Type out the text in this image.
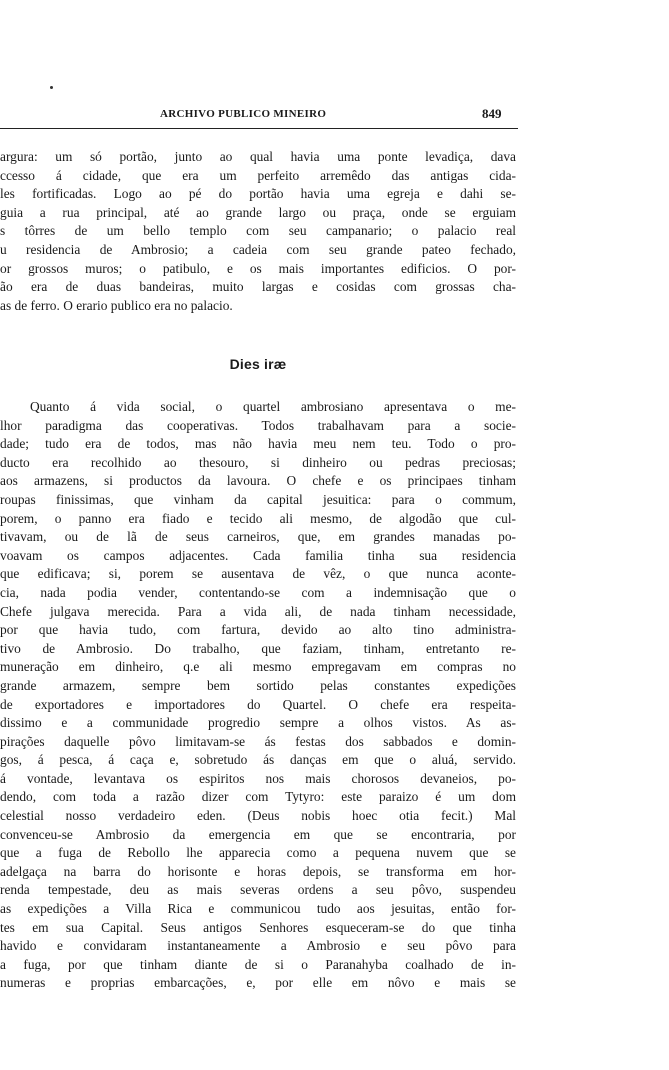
ARCHIVO PUBLICO MINEIRO	849

argura: um só portão, junto ao qual havia uma ponte levadiça, dava
ccesso á cidade, que era um perfeito arremêdo das antigas cida-
les fortificadas. Logo ao pé do portão havia uma egreja e dahi se-
guia a rua principal, até ao grande largo ou praça, onde se erguiam
s tôrres de um bello templo com seu campanario; o palacio real
u residencia de Ambrosio; a cadeia com seu grande pateo fechado,
or grossos muros; o patibulo, e os mais importantes edificios. O por-
ão era de duas bandeiras, muito largas e cosidas com grossas cha-
as de ferro. O erario publico era no palacio.

Dies iræ

Quanto á vida social, o quartel ambrosiano apresentava o me-
lhor paradigma das cooperativas. Todos trabalhavam para a socie-
dade; tudo era de todos, mas não havia meu nem teu. Todo o pro-
ducto era recolhido ao thesouro, si dinheiro ou pedras preciosas;
aos armazens, si productos da lavoura. O chefe e os principaes tinham
roupas finissimas, que vinham da capital jesuitica: para o commum,
porem, o panno era fiado e tecido ali mesmo, de algodão que cul-
tivavam, ou de lã de seus carneiros, que, em grandes manadas po-
voavam os campos adjacentes. Cada familia tinha sua residencia
que edificava; si, porem se ausentava de vêz, o que nunca aconte-
cia, nada podia vender, contentando-se com a indemnisação que o
Chefe julgava merecida. Para a vida ali, de nada tinham necessidade,
por que havia tudo, com fartura, devido ao alto tino administra-
tivo de Ambrosio. Do trabalho, que faziam, tinham, entretanto re-
muneração em dinheiro, q.e ali mesmo empregavam em compras no
grande armazem, sempre bem sortido pelas constantes expedições
de exportadores e importadores do Quartel. O chefe era respeita-
dissimo e a communidade progredio sempre a olhos vistos. As as-
pirações daquelle pôvo limitavam-se ás festas dos sabbados e domin-
gos, á pesca, á caça e, sobretudo ás danças em que o aluá, servido.
á vontade, levantava os espiritos nos mais chorosos devaneios, po-
dendo, com toda a razão dizer com Tytyro: este paraizo é um dom
celestial nosso verdadeiro eden. (Deus nobis hoec otia fecit.) Mal
convenceu-se Ambrosio da emergencia em que se encontraria, por
que a fuga de Rebollo lhe apparecia como a pequena nuvem que se
adelgaça na barra do horisonte e horas depois, se transforma em hor-
renda tempestade, deu as mais severas ordens a seu pôvo, suspendeu
as expedições a Villa Rica e communicou tudo aos jesuitas, então for-
tes em sua Capital. Seus antigos Senhores esqueceram-se do que tinha
havido e convidaram instantaneamente a Ambrosio e seu pôvo para
a fuga, por que tinham diante de si o Paranahyba coalhado de in-
numeras e proprias embarcações, e, por elle em nôvo e mais se
